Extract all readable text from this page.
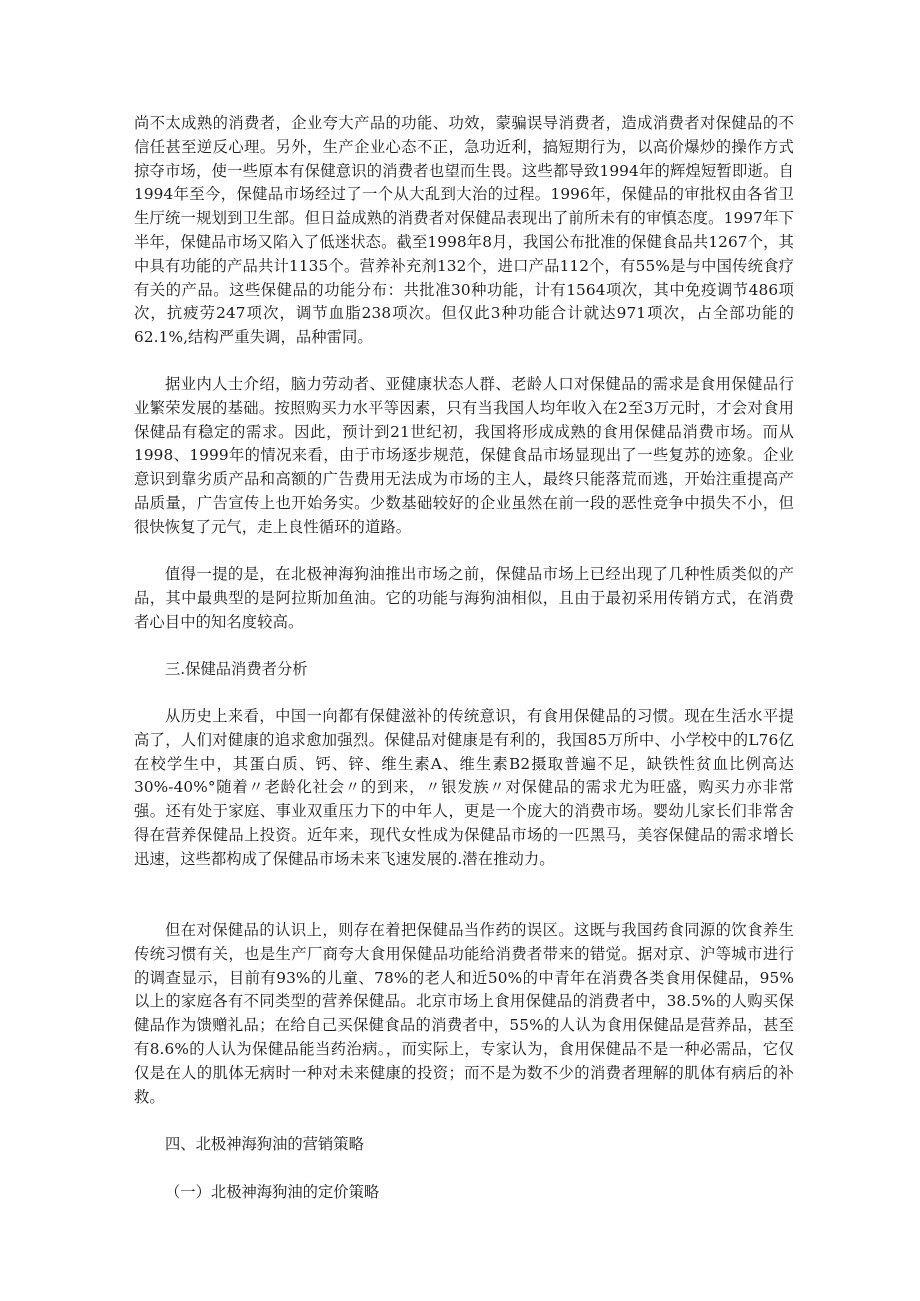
尚不太成熟的消费者，企业夸大产品的功能、功效，蒙骗误导消费者，造成消费者对保健品的不信任甚至逆反心理。另外，生产企业心态不正，急功近利，搞短期行为，以高价爆炒的操作方式掠夺市场，使一些原本有保健意识的消费者也望而生畏。这些都导致1994年的辉煌短暂即逝。自1994年至今，保健品市场经过了一个从大乱到大治的过程。1996年，保健品的审批权由各省卫生厅统一规划到卫生部。但日益成熟的消费者对保健品表现出了前所未有的审慎态度。1997年下半年，保健品市场又陷入了低迷状态。截至1998年8月，我国公布批准的保健食品共1267个，其中具有功能的产品共计1135个。营养补充剂132个，进口产品112个，有55%是与中国传统食疗有关的产品。这些保健品的功能分布：共批准30种功能，计有1564项次，其中免疫调节486项次，抗疲劳247项次，调节血脂238项次。但仅此3种功能合计就达971项次，占全部功能的62.1%,结构严重失调，品种雷同。

据业内人士介绍，脑力劳动者、亚健康状态人群、老龄人口对保健品的需求是食用保健品行业繁荣发展的基础。按照购买力水平等因素，只有当我国人均年收入在2至3万元时，才会对食用保健品有稳定的需求。因此，预计到21世纪初，我国将形成成熟的食用保健品消费市场。而从1998、1999年的情况来看，由于市场逐步规范，保健食品市场显现出了一些复苏的迹象。企业意识到靠劣质产品和高额的广告费用无法成为市场的主人，最终只能落荒而逃，开始注重提高产品质量，广告宣传上也开始务实。少数基础较好的企业虽然在前一段的恶性竞争中损失不小，但很快恢复了元气，走上良性循环的道路。

值得一提的是，在北极神海狗油推出市场之前，保健品市场上已经出现了几种性质类似的产品，其中最典型的是阿拉斯加鱼油。它的功能与海狗油相似，且由于最初采用传销方式，在消费者心目中的知名度较高。

三.保健品消费者分析

从历史上来看，中国一向都有保健滋补的传统意识，有食用保健品的习惯。现在生活水平提高了，人们对健康的追求愈加强烈。保健品对健康是有利的，我国85万所中、小学校中的L76亿在校学生中，其蛋白质、钙、锌、维生素A、维生素B2摄取普遍不足，缺铁性贫血比例高达30%-40%°随着〃老龄化社会〃的到来，〃银发族〃对保健品的需求尤为旺盛，购买力亦非常强。还有处于家庭、事业双重压力下的中年人，更是一个庞大的消费市场。婴幼儿家长们非常舍得在营养保健品上投资。近年来，现代女性成为保健品市场的一匹黑马，美容保健品的需求增长迅速，这些都构成了保健品市场未来飞速发展的.潜在推动力。

但在对保健品的认识上，则存在着把保健品当作药的误区。这既与我国药食同源的饮食养生传统习惯有关，也是生产厂商夸大食用保健品功能给消费者带来的错觉。据对京、沪等城市进行的调查显示，目前有93%的儿童、78%的老人和近50%的中青年在消费各类食用保健品，95%以上的家庭各有不同类型的营养保健品。北京市场上食用保健品的消费者中，38.5%的人购买保健品作为馈赠礼品；在给自己买保健食品的消费者中，55%的人认为食用保健品是营养品，甚至有8.6%的人认为保健品能当药治病。，而实际上，专家认为，食用保健品不是一种必需品，它仅仅是在人的肌体无病时一种对未来健康的投资；而不是为数不少的消费者理解的肌体有病后的补救。

四、北极神海狗油的营销策略
（一）北极神海狗油的定价策略
